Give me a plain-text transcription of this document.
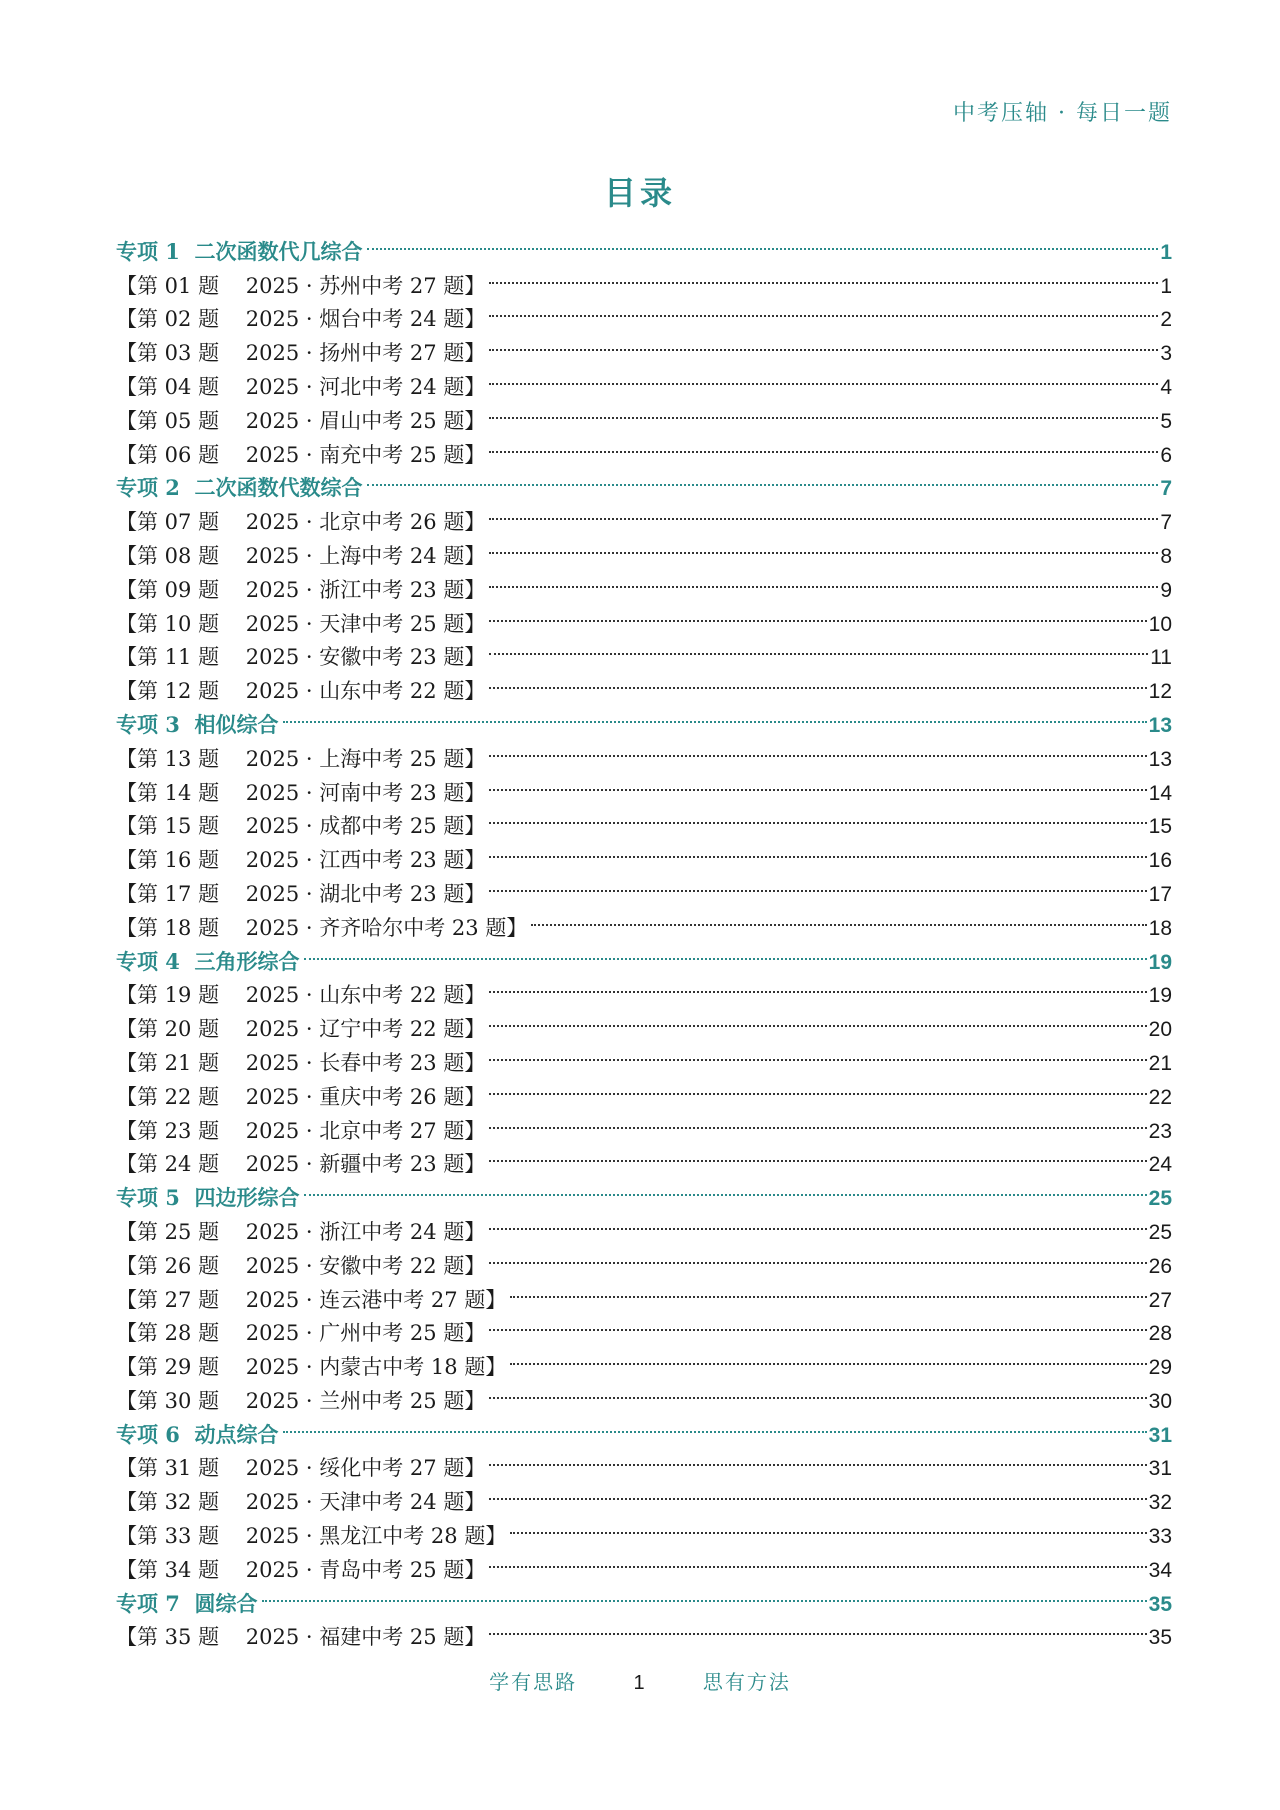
中考压轴 · 每日一题
目录
专项 1  二次函数代几综合	1
【第 01 题    2025 · 苏州中考 27 题】	1
【第 02 题    2025 · 烟台中考 24 题】	2
【第 03 题    2025 · 扬州中考 27 题】	3
【第 04 题    2025 · 河北中考 24 题】	4
【第 05 题    2025 · 眉山中考 25 题】	5
【第 06 题    2025 · 南充中考 25 题】	6
专项 2  二次函数代数综合	7
【第 07 题    2025 · 北京中考 26 题】	7
【第 08 题    2025 · 上海中考 24 题】	8
【第 09 题    2025 · 浙江中考 23 题】	9
【第 10 题    2025 · 天津中考 25 题】	10
【第 11 题    2025 · 安徽中考 23 题】	11
【第 12 题    2025 · 山东中考 22 题】	12
专项 3  相似综合	13
【第 13 题    2025 · 上海中考 25 题】	13
【第 14 题    2025 · 河南中考 23 题】	14
【第 15 题    2025 · 成都中考 25 题】	15
【第 16 题    2025 · 江西中考 23 题】	16
【第 17 题    2025 · 湖北中考 23 题】	17
【第 18 题    2025 · 齐齐哈尔中考 23 题】	18
专项 4  三角形综合	19
【第 19 题    2025 · 山东中考 22 题】	19
【第 20 题    2025 · 辽宁中考 22 题】	20
【第 21 题    2025 · 长春中考 23 题】	21
【第 22 题    2025 · 重庆中考 26 题】	22
【第 23 题    2025 · 北京中考 27 题】	23
【第 24 题    2025 · 新疆中考 23 题】	24
专项 5  四边形综合	25
【第 25 题    2025 · 浙江中考 24 题】	25
【第 26 题    2025 · 安徽中考 22 题】	26
【第 27 题    2025 · 连云港中考 27 题】	27
【第 28 题    2025 · 广州中考 25 题】	28
【第 29 题    2025 · 内蒙古中考 18 题】	29
【第 30 题    2025 · 兰州中考 25 题】	30
专项 6  动点综合	31
【第 31 题    2025 · 绥化中考 27 题】	31
【第 32 题    2025 · 天津中考 24 题】	32
【第 33 题    2025 · 黑龙江中考 28 题】	33
【第 34 题    2025 · 青岛中考 25 题】	34
专项 7  圆综合	35
【第 35 题    2025 · 福建中考 25 题】	35
学有思路	1	思有方法
